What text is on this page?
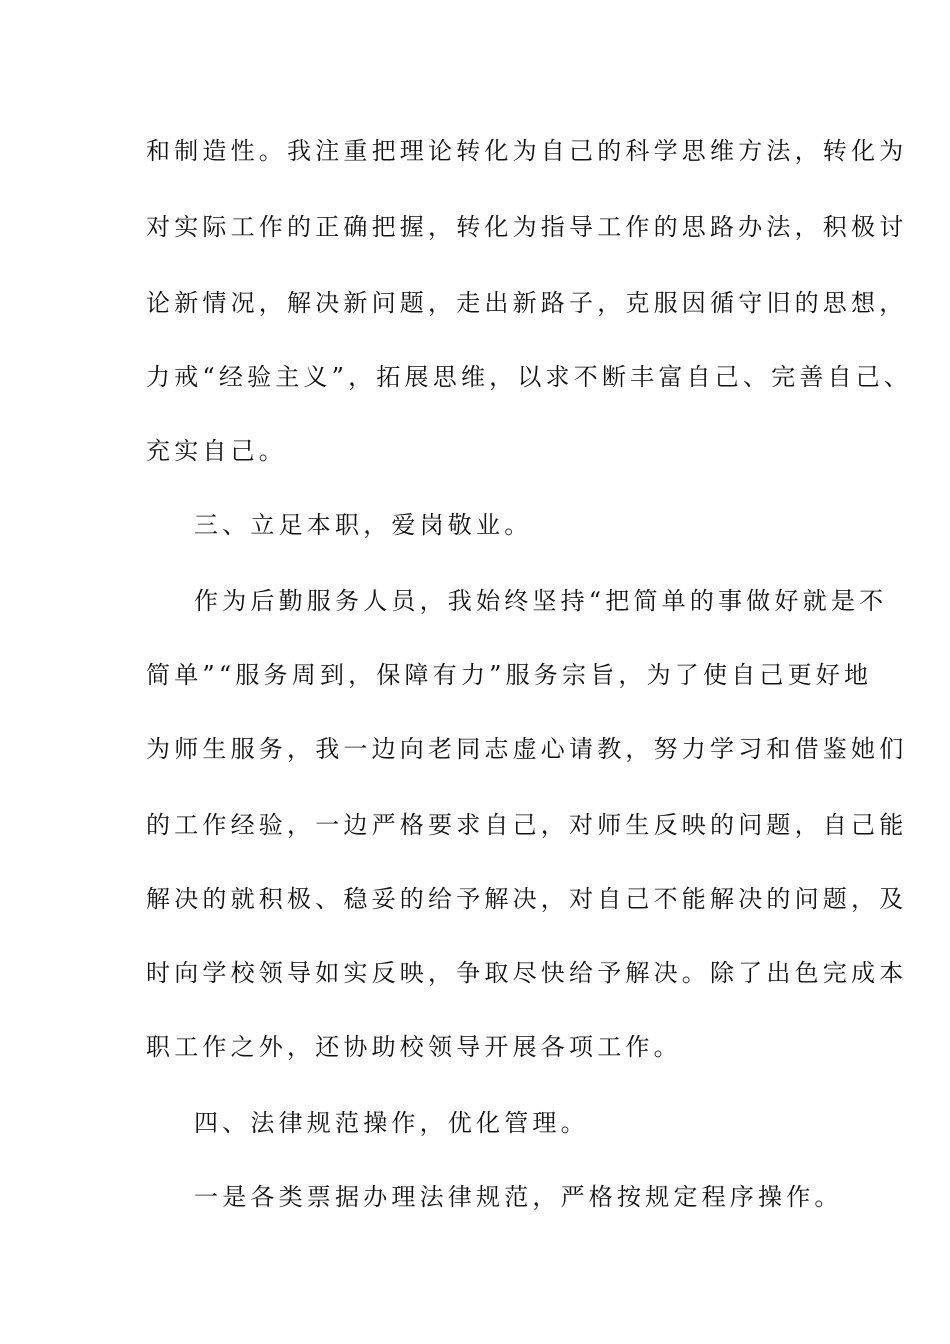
和制造性。我注重把理论转化为自己的科学思维方法，转化为
对实际工作的正确把握，转化为指导工作的思路办法，积极讨
论新情况，解决新问题，走出新路子，克服因循守旧的思想，
力戒“经验主义”，拓展思维，以求不断丰富自己、完善自己、
充实自己。
三、立足本职，爱岗敬业。
作为后勤服务人员，我始终坚持“把简单的事做好就是不
简单”“服务周到，保障有力”服务宗旨，为了使自己更好地
为师生服务，我一边向老同志虚心请教，努力学习和借鉴她们
的工作经验，一边严格要求自己，对师生反映的问题，自己能
解决的就积极、稳妥的给予解决，对自己不能解决的问题，及
时向学校领导如实反映，争取尽快给予解决。除了出色完成本
职工作之外，还协助校领导开展各项工作。
四、法律规范操作，优化管理。
一是各类票据办理法律规范，严格按规定程序操作。
